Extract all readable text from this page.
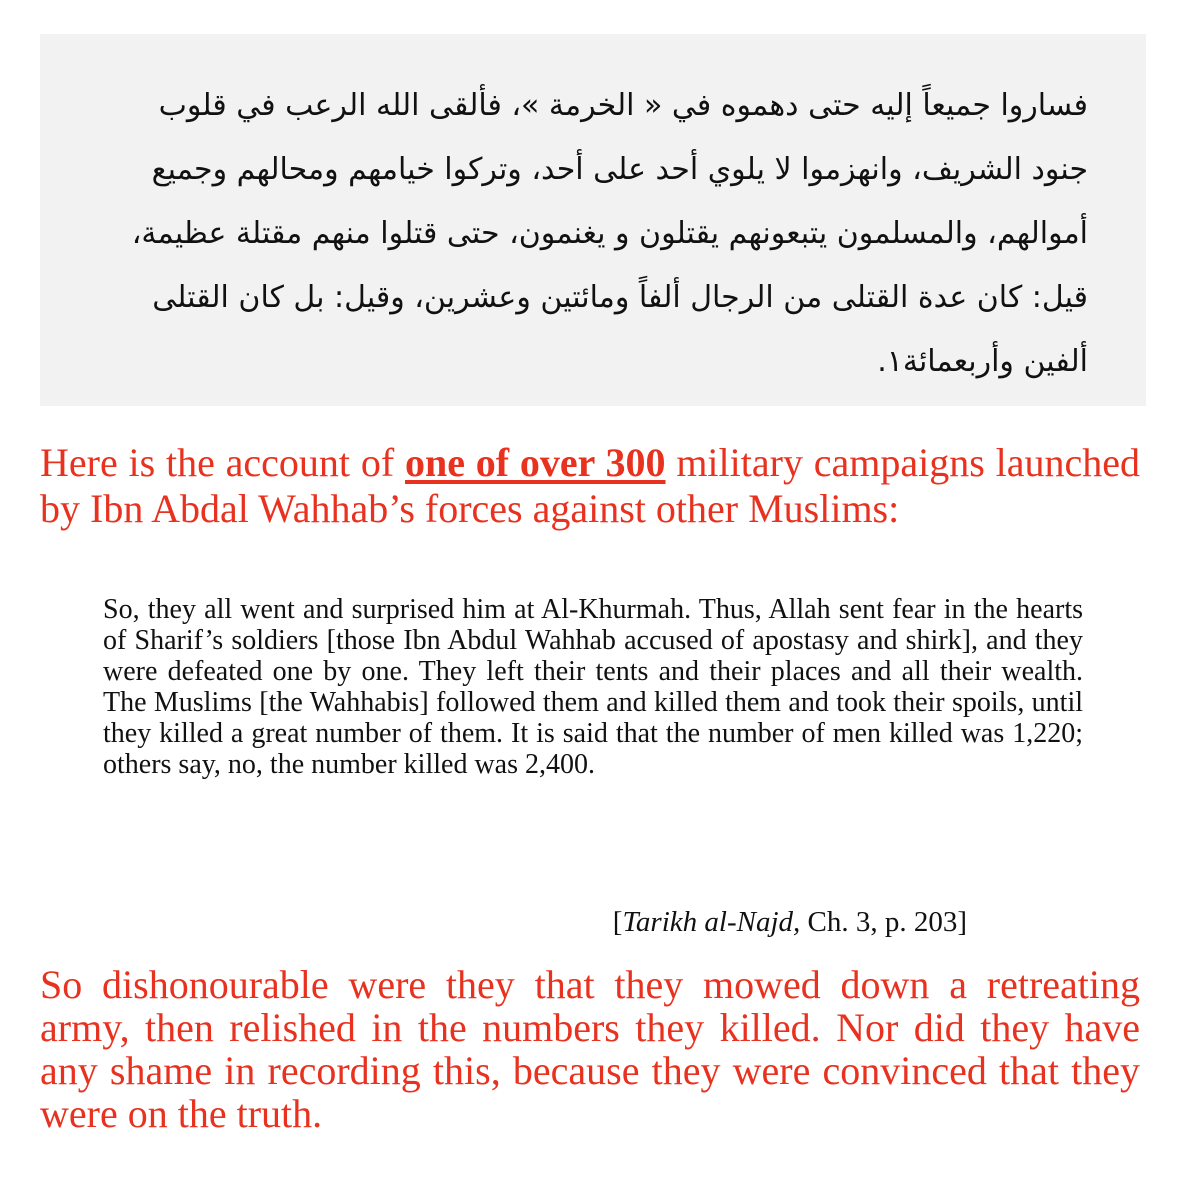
فساروا جميعاً إليه حتى دهموه في « الخرمة »، فألقى الله الرعب في قلوب
جنود الشريف، وانهزموا لا يلوي أحد على أحد، وتركوا خيامهم ومحالهم وجميع
أموالهم، والمسلمون يتبعونهم يقتلون و يغنمون، حتى قتلوا منهم مقتلة عظيمة،
قيل: كان عدة القتلى من الرجال ألفاً ومائتين وعشرين، وقيل: بل كان القتلى
ألفين وأربعمائة١.

Here is the account of one of over 300 military campaigns launched by Ibn Abdal Wahhab’s forces against other Muslims:

So, they all went and surprised him at Al-Khurmah. Thus, Allah sent fear in the hearts of Sharif’s soldiers [those Ibn Abdul Wahhab accused of apostasy and shirk], and they were defeated one by one. They left their tents and their places and all their wealth. The Muslims [the Wahhabis] followed them and killed them and took their spoils, until they killed a great number of them. It is said that the number of men killed was 1,220; others say, no, the number killed was 2,400.

[Tarikh al-Najd, Ch. 3, p. 203]

So dishonourable were they that they mowed down a retreating army, then relished in the numbers they killed. Nor did they have any shame in recording this, because they were convinced that they were on the truth.
